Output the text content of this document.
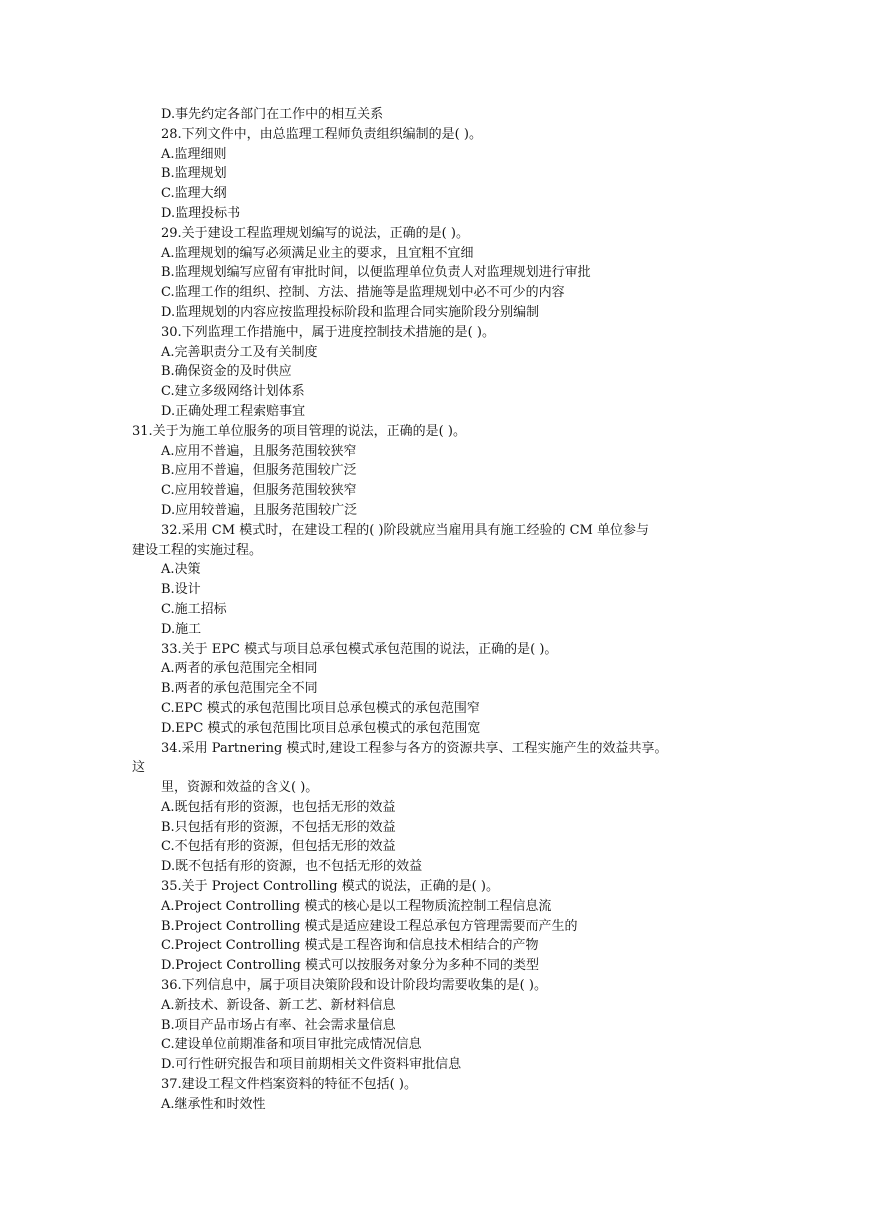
D.事先约定各部门在工作中的相互关系
28.下列文件中，由总监理工程师负责组织编制的是( )。
A.监理细则
B.监理规划
C.监理大纲
D.监理投标书
29.关于建设工程监理规划编写的说法，正确的是( )。
A.监理规划的编写必须满足业主的要求，且宜粗不宜细
B.监理规划编写应留有审批时间，以便监理单位负责人对监理规划进行审批
C.监理工作的组织、控制、方法、措施等是监理规划中必不可少的内容
D.监理规划的内容应按监理投标阶段和监理合同实施阶段分别编制
30.下列监理工作措施中，属于进度控制技术措施的是( )。
A.完善职责分工及有关制度
B.确保资金的及时供应
C.建立多级网络计划体系
D.正确处理工程索赔事宜
31.关于为施工单位服务的项目管理的说法，正确的是( )。
A.应用不普遍，且服务范围较狭窄
B.应用不普遍，但服务范围较广泛
C.应用较普遍，但服务范围较狭窄
D.应用较普遍，且服务范围较广泛
32.采用 CM 模式时，在建设工程的( )阶段就应当雇用具有施工经验的 CM 单位参与
建设工程的实施过程。
A.决策
B.设计
C.施工招标
D.施工
33.关于 EPC 模式与项目总承包模式承包范围的说法，正确的是( )。
A.两者的承包范围完全相同
B.两者的承包范围完全不同
C.EPC 模式的承包范围比项目总承包模式的承包范围窄
D.EPC 模式的承包范围比项目总承包模式的承包范围宽
34.采用 Partnering 模式时,建设工程参与各方的资源共享、工程实施产生的效益共享。
这
里，资源和效益的含义( )。
A.既包括有形的资源，也包括无形的效益
B.只包括有形的资源，不包括无形的效益
C.不包括有形的资源，但包括无形的效益
D.既不包括有形的资源，也不包括无形的效益
35.关于 Project Controlling 模式的说法，正确的是( )。
A.Project Controlling 模式的核心是以工程物质流控制工程信息流
B.Project Controlling 模式是适应建设工程总承包方管理需要而产生的
C.Project Controlling 模式是工程咨询和信息技术相结合的产物
D.Project Controlling 模式可以按服务对象分为多种不同的类型
36.下列信息中，属于项目决策阶段和设计阶段均需要收集的是( )。
A.新技术、新设备、新工艺、新材料信息
B.项目产品市场占有率、社会需求量信息
C.建设单位前期准备和项目审批完成情况信息
D.可行性研究报告和项目前期相关文件资料审批信息
37.建设工程文件档案资料的特征不包括( )。
A.继承性和时效性
